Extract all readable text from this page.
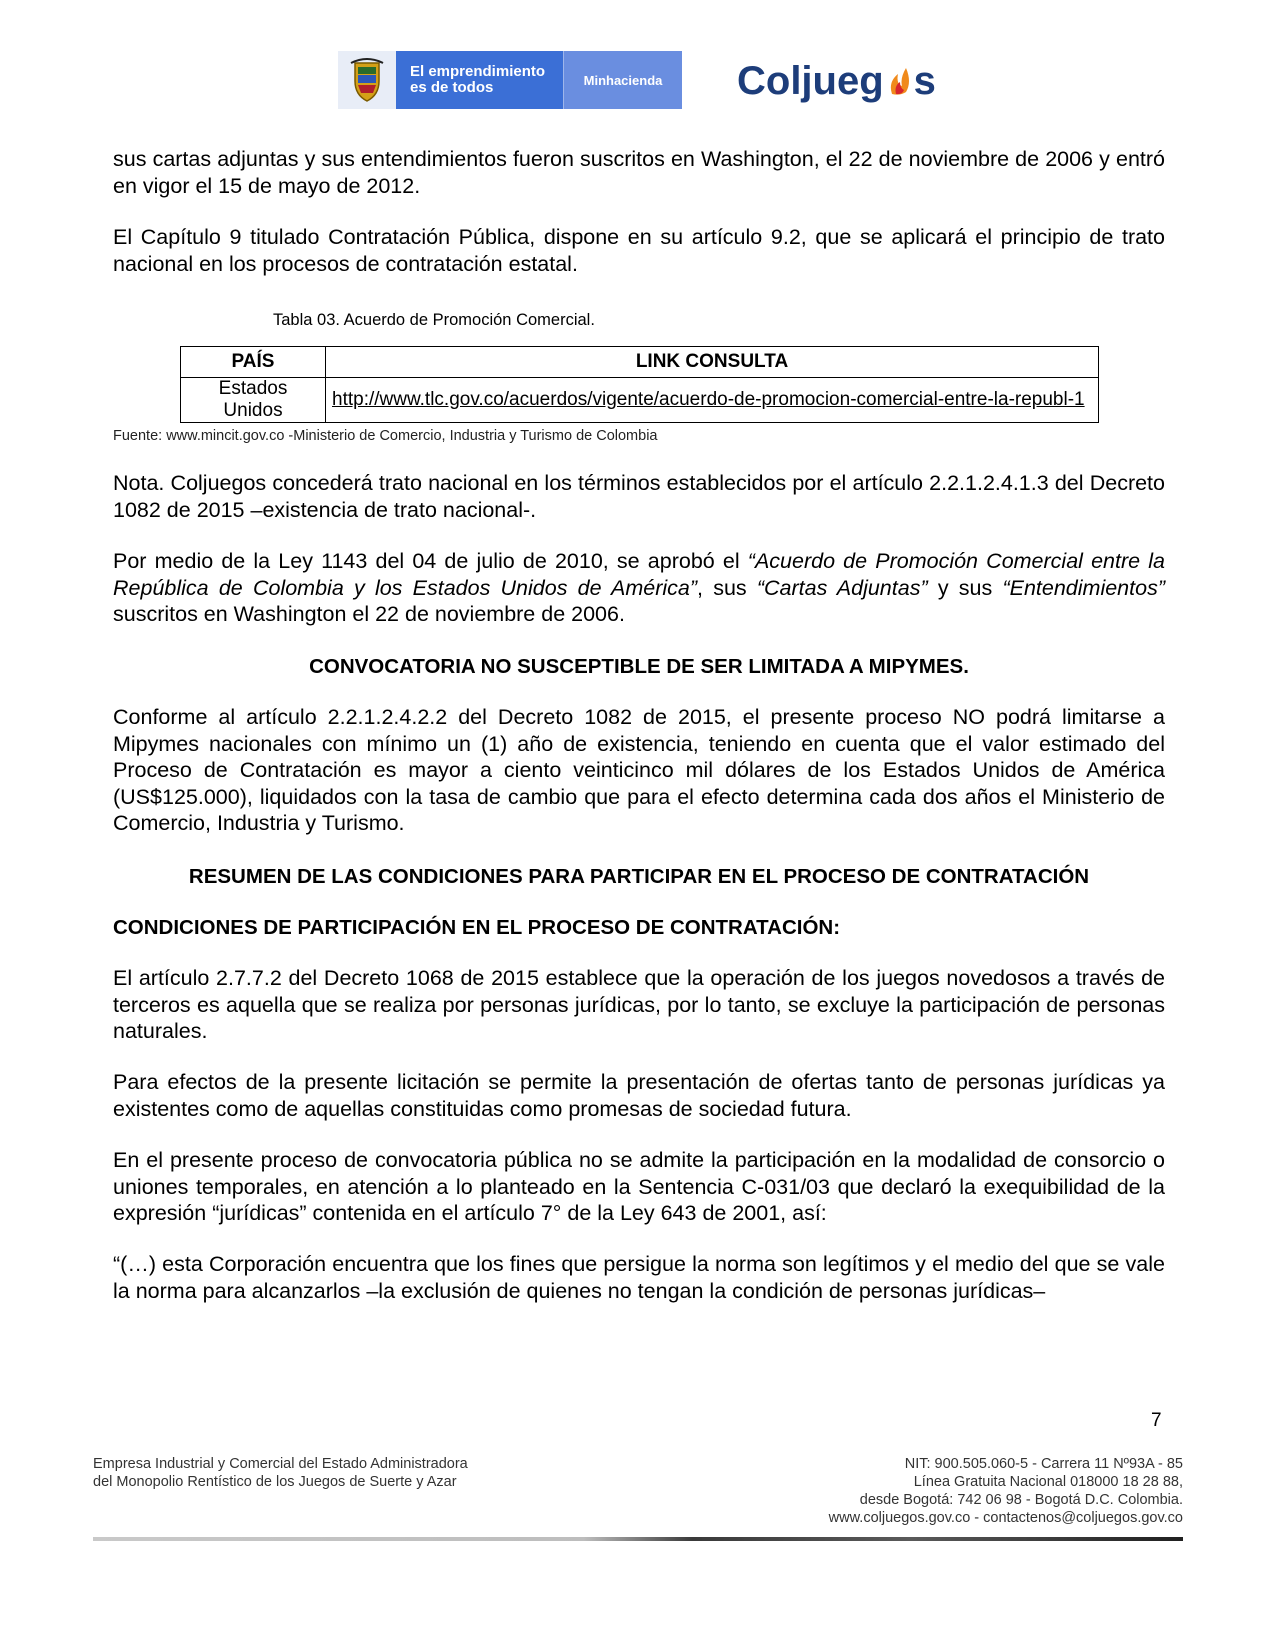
El emprendimiento
es de todos	Minhacienda	Coljueg s
sus cartas adjuntas y sus entendimientos fueron suscritos en Washington, el 22 de noviembre de 2006 y entró en vigor el 15 de mayo de 2012.
El Capítulo 9 titulado Contratación Pública, dispone en su artículo 9.2, que se aplicará el principio de trato nacional en los procesos de contratación estatal.
Tabla 03. Acuerdo de Promoción Comercial.
PAÍS	LINK CONSULTA
Estados Unidos	http://www.tlc.gov.co/acuerdos/vigente/acuerdo-de-promocion-comercial-entre-la-republ-1
Fuente: www.mincit.gov.co -Ministerio de Comercio, Industria y Turismo de Colombia
Nota. Coljuegos concederá trato nacional en los términos establecidos por el artículo 2.2.1.2.4.1.3 del Decreto 1082 de 2015 –existencia de trato nacional-.
Por medio de la Ley 1143 del 04 de julio de 2010, se aprobó el “Acuerdo de Promoción Comercial entre la República de Colombia y los Estados Unidos de América”, sus “Cartas Adjuntas” y sus “Entendimientos” suscritos en Washington el 22 de noviembre de 2006.
CONVOCATORIA NO SUSCEPTIBLE DE SER LIMITADA A MIPYMES.
Conforme al artículo 2.2.1.2.4.2.2 del Decreto 1082 de 2015, el presente proceso NO podrá limitarse a Mipymes nacionales con mínimo un (1) año de existencia, teniendo en cuenta que el valor estimado del Proceso de Contratación es mayor a ciento veinticinco mil dólares de los Estados Unidos de América (US$125.000), liquidados con la tasa de cambio que para el efecto determina cada dos años el Ministerio de Comercio, Industria y Turismo.
RESUMEN DE LAS CONDICIONES PARA PARTICIPAR EN EL PROCESO DE CONTRATACIÓN
CONDICIONES DE PARTICIPACIÓN EN EL PROCESO DE CONTRATACIÓN:
El artículo 2.7.7.2 del Decreto 1068 de 2015 establece que la operación de los juegos novedosos a través de terceros es aquella que se realiza por personas jurídicas, por lo tanto, se excluye la participación de personas naturales.
Para efectos de la presente licitación se permite la presentación de ofertas tanto de personas jurídicas ya existentes como de aquellas constituidas como promesas de sociedad futura.
En el presente proceso de convocatoria pública no se admite la participación en la modalidad de consorcio o uniones temporales, en atención a lo planteado en la Sentencia C-031/03 que declaró la exequibilidad de la expresión “jurídicas” contenida en el artículo 7° de la Ley 643 de 2001, así:
“(…) esta Corporación encuentra que los fines que persigue la norma son legítimos y el medio del que se vale la norma para alcanzarlos –la exclusión de quienes no tengan la condición de personas jurídicas–
7
Empresa Industrial y Comercial del Estado Administradora
del Monopolio Rentístico de los Juegos de Suerte y Azar
NIT: 900.505.060-5 - Carrera 11 Nº93A - 85
Línea Gratuita Nacional 018000 18 28 88,
desde Bogotá: 742 06 98 - Bogotá D.C. Colombia.
www.coljuegos.gov.co - contactenos@coljuegos.gov.co
